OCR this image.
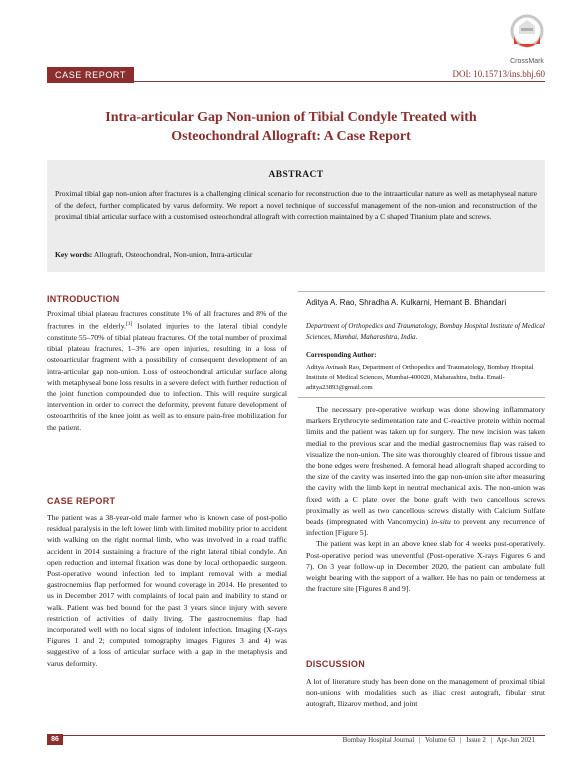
CrossMark
CASE REPORT	DOI: 10.15713/ins.bhj.60
Intra-articular Gap Non-union of Tibial Condyle Treated with
Osteochondral Allograft: A Case Report
ABSTRACT
Proximal tibial gap non-union after fractures is a challenging clinical scenario for reconstruction due to the intraarticular nature as well as metaphyseal nature of the defect, further complicated by varus deformity. We report a novel technique of successful management of the non-union and reconstruction of the proximal tibial articular surface with a customised osteochondral allograft with correction maintained by a C shaped Titanium plate and screws.
Key words: Allograft, Osteochondral, Non-union, Intra-articular
INTRODUCTION

Proximal tibial plateau fractures constitute 1% of all fractures and 8% of the fractures in the elderly.[1] Isolated injuries to the lateral tibial condyle constitute 55–70% of tibial plateau fractures. Of the total number of proximal tibial plateau fractures, 1–3% are open injuries, resulting in a loss of osteoarticular fragment with a possibility of consequent development of an intra-articular gap non-union. Loss of osteochondral articular surface along with metaphyseal bone loss results in a severe defect with further reduction of the joint function compounded due to infection. This will require surgical intervention in order to correct the deformity, prevent future development of osteoarthritis of the knee joint as well as to ensure pain-free mobilization for the patient.

CASE REPORT

The patient was a 38-year-old male farmer who is known case of post-polio residual paralysis in the left lower limb with limited mobility prior to accident with walking on the right normal limb, who was involved in a road traffic accident in 2014 sustaining a fracture of the right lateral tibial condyle. An open reduction and internal fixation was done by local orthopaedic surgeon. Post-operative wound infection led to implant removal with a medial gastrocnemius flap performed for wound coverage in 2014. He presented to us in December 2017 with complaints of local pain and inability to stand or walk. Patient was bed bound for the past 3 years since injury with severe restriction of activities of daily living. The gastrocnemius flap had incorporated well with no local signs of indolent infection. Imaging (X-rays Figures 1 and 2; computed tomography images Figures 3 and 4) was suggestive of a loss of articular surface with a gap in the metaphysis and varus deformity.

Aditya A. Rao, Shradha A. Kulkarni, Hemant B. Bhandari
Department of Orthopedics and Traumatology, Bombay Hospital Institute of Medical Sciences, Mumbai, Maharashtra, India.
Corresponding Author:
Aditya Avinash Rao, Department of Orthopedics and Traumatology, Bombay Hospital Institute of Medical Sciences, Mumbai-400020, Maharashtra, India. Email- aditya23893@gmail.com

The necessary pre-operative workup was done showing inflammatory markers Erythrocyte sedimentation rate and C-reactive protein within normal limits and the patient was taken up for surgery. The new incision was taken medial to the previous scar and the medial gastrocnemius flap was raised to visualize the non-union. The site was thoroughly cleared of fibrous tissue and the bone edges were freshened. A femoral head allograft shaped according to the size of the cavity was inserted into the gap non-union site after measuring the cavity with the limb kept in neutral mechanical axis. The non-union was fixed with a C plate over the bone graft with two cancellous screws proximally as well as two cancellous screws distally with Calcium Sulfate beads (impregnated with Vancomycin) in-situ to prevent any recurrence of infection [Figure 5].

The patient was kept in an above knee slab for 4 weeks post-operatively. Post-operative period was uneventful (Post-operative X-rays Figures 6 and 7). On 3 year follow-up in December 2020, the patient can ambulate full weight bearing with the support of a walker. He has no pain or tenderness at the fracture site [Figures 8 and 9].

DISCUSSION
A lot of literature study has been done on the management of proximal tibial non-unions with modalities such as iliac crest autograft, fibular strut autograft, Ilizarov method, and joint
86	Bombay Hospital Journal | Volume 63 | Issue 2 | Apr-Jun 2021
